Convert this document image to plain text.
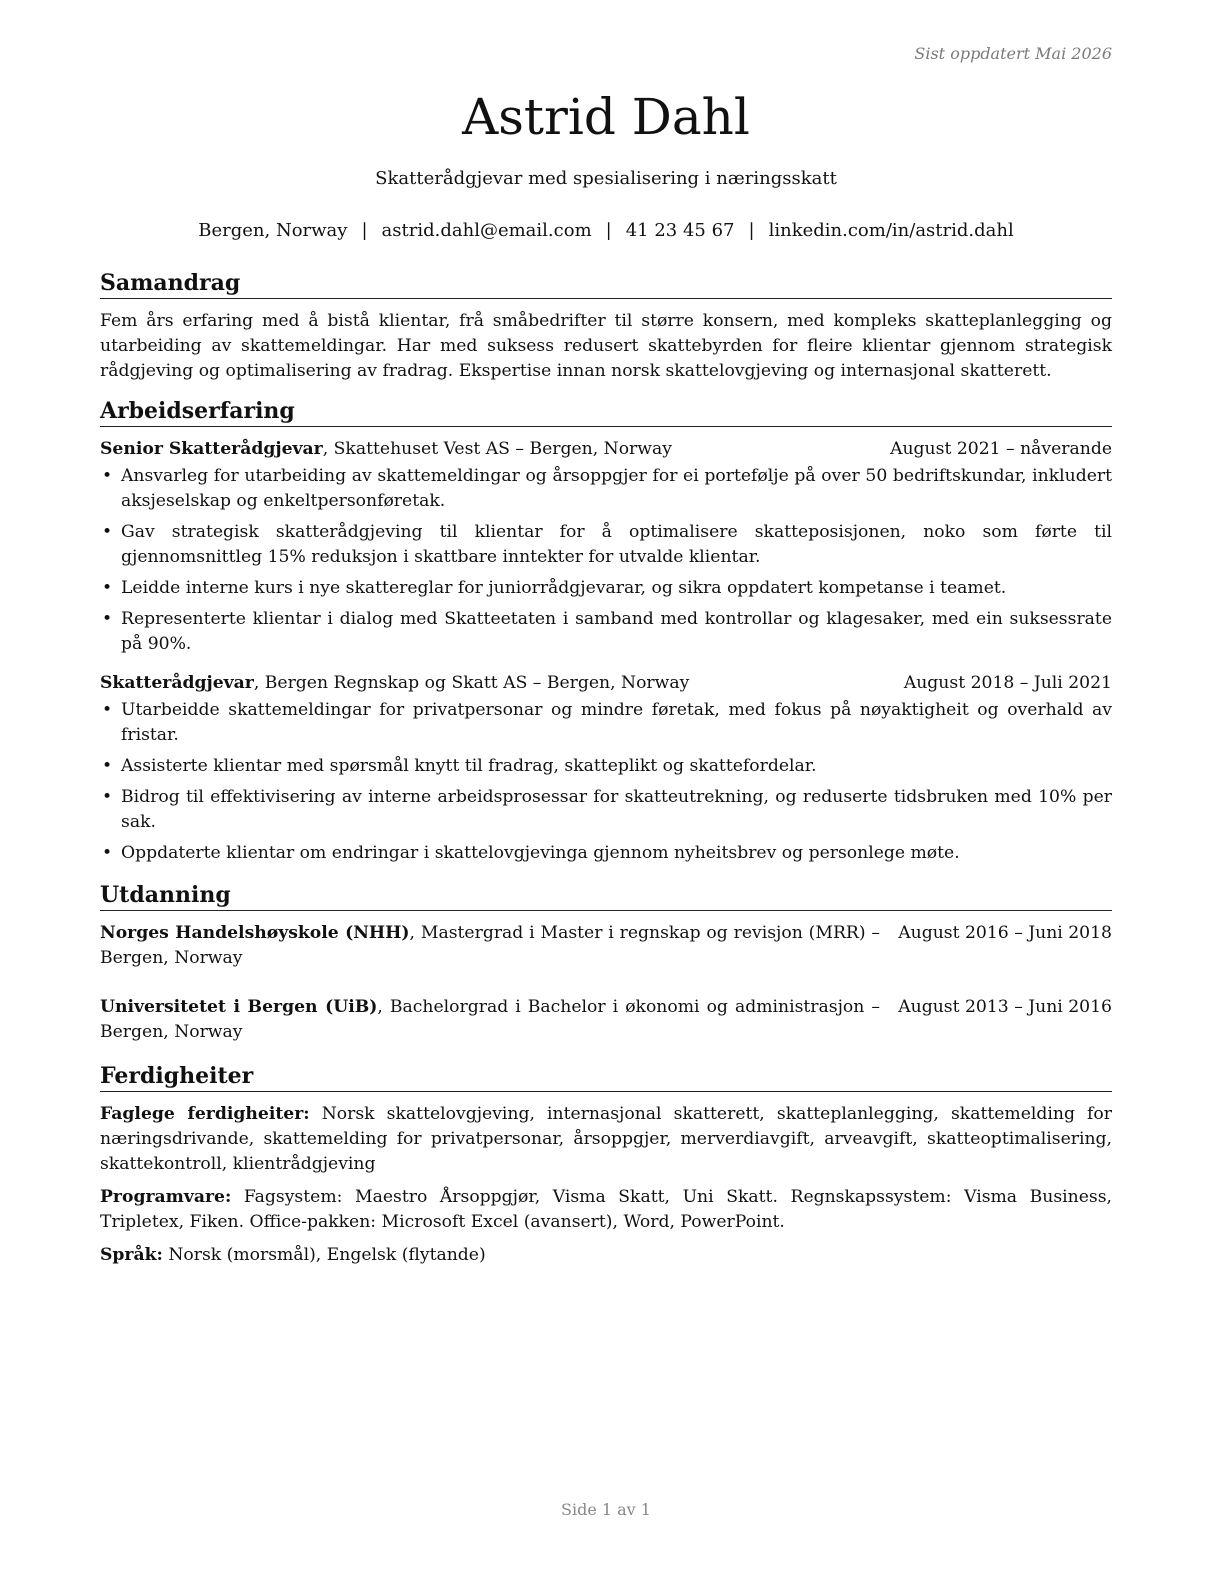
Sist oppdatert Mai 2026
Astrid Dahl
Skatterådgjevar med spesialisering i næringsskatt
Bergen, Norway | astrid.dahl@email.com | 41 23 45 67 | linkedin.com/in/astrid.dahl
Samandrag

Fem års erfaring med å bistå klientar, frå småbedrifter til større konsern, med kompleks skatteplanlegging og utarbeiding av skattemeldingar. Har med suksess redusert skattebyrden for fleire klientar gjennom strategisk rådgjeving og optimalisering av fradrag. Ekspertise innan norsk skattelovgjeving og internasjonal skatterett.

Arbeidserfaring
Senior Skatterådgjevar, Skattehuset Vest AS – Bergen, Norway	August 2021 – nåverande
• Ansvarleg for utarbeiding av skattemeldingar og årsoppgjer for ei portefølje på over 50 bedriftskundar, inkludert aksjeselskap og enkeltpersonføretak.
• Gav strategisk skatterådgjeving til klientar for å optimalisere skatteposisjonen, noko som førte til gjennomsnittleg 15% reduksjon i skattbare inntekter for utvalde klientar.
• Leidde interne kurs i nye skattereglar for juniorrådgjevarar, og sikra oppdatert kompetanse i teamet.
• Representerte klientar i dialog med Skatteetaten i samband med kontrollar og klagesaker, med ein suksessrate på 90%.
Skatterådgjevar, Bergen Regnskap og Skatt AS – Bergen, Norway	August 2018 – Juli 2021
• Utarbeidde skattemeldingar for privatpersonar og mindre føretak, med fokus på nøyaktigheit og overhald av fristar.
• Assisterte klientar med spørsmål knytt til fradrag, skatteplikt og skattefordelar.
• Bidrog til effektivisering av interne arbeidsprosessar for skatteutrekning, og reduserte tidsbruken med 10% per sak.
• Oppdaterte klientar om endringar i skattelovgjevinga gjennom nyheitsbrev og personlege møte.
Utdanning
Norges Handelshøyskole (NHH), Mastergrad i Master i regnskap og revisjon (MRR) – Bergen, Norway
August 2016 – Juni 2018
Universitetet i Bergen (UiB), Bachelorgrad i Bachelor i økonomi og administrasjon – Bergen, Norway
August 2013 – Juni 2016
Ferdigheiter

Faglege ferdigheiter: Norsk skattelovgjeving, internasjonal skatterett, skatteplanlegging, skattemelding for næringsdrivande, skattemelding for privatpersonar, årsoppgjer, merverdiavgift, arveavgift, skatteoptimalisering, skattekontroll, klientrådgjeving

Programvare: Fagsystem: Maestro Årsoppgjør, Visma Skatt, Uni Skatt. Regnskapssystem: Visma Business, Tripletex, Fiken. Office-pakken: Microsoft Excel (avansert), Word, PowerPoint.

Språk: Norsk (morsmål), Engelsk (flytande)

Side 1 av 1
